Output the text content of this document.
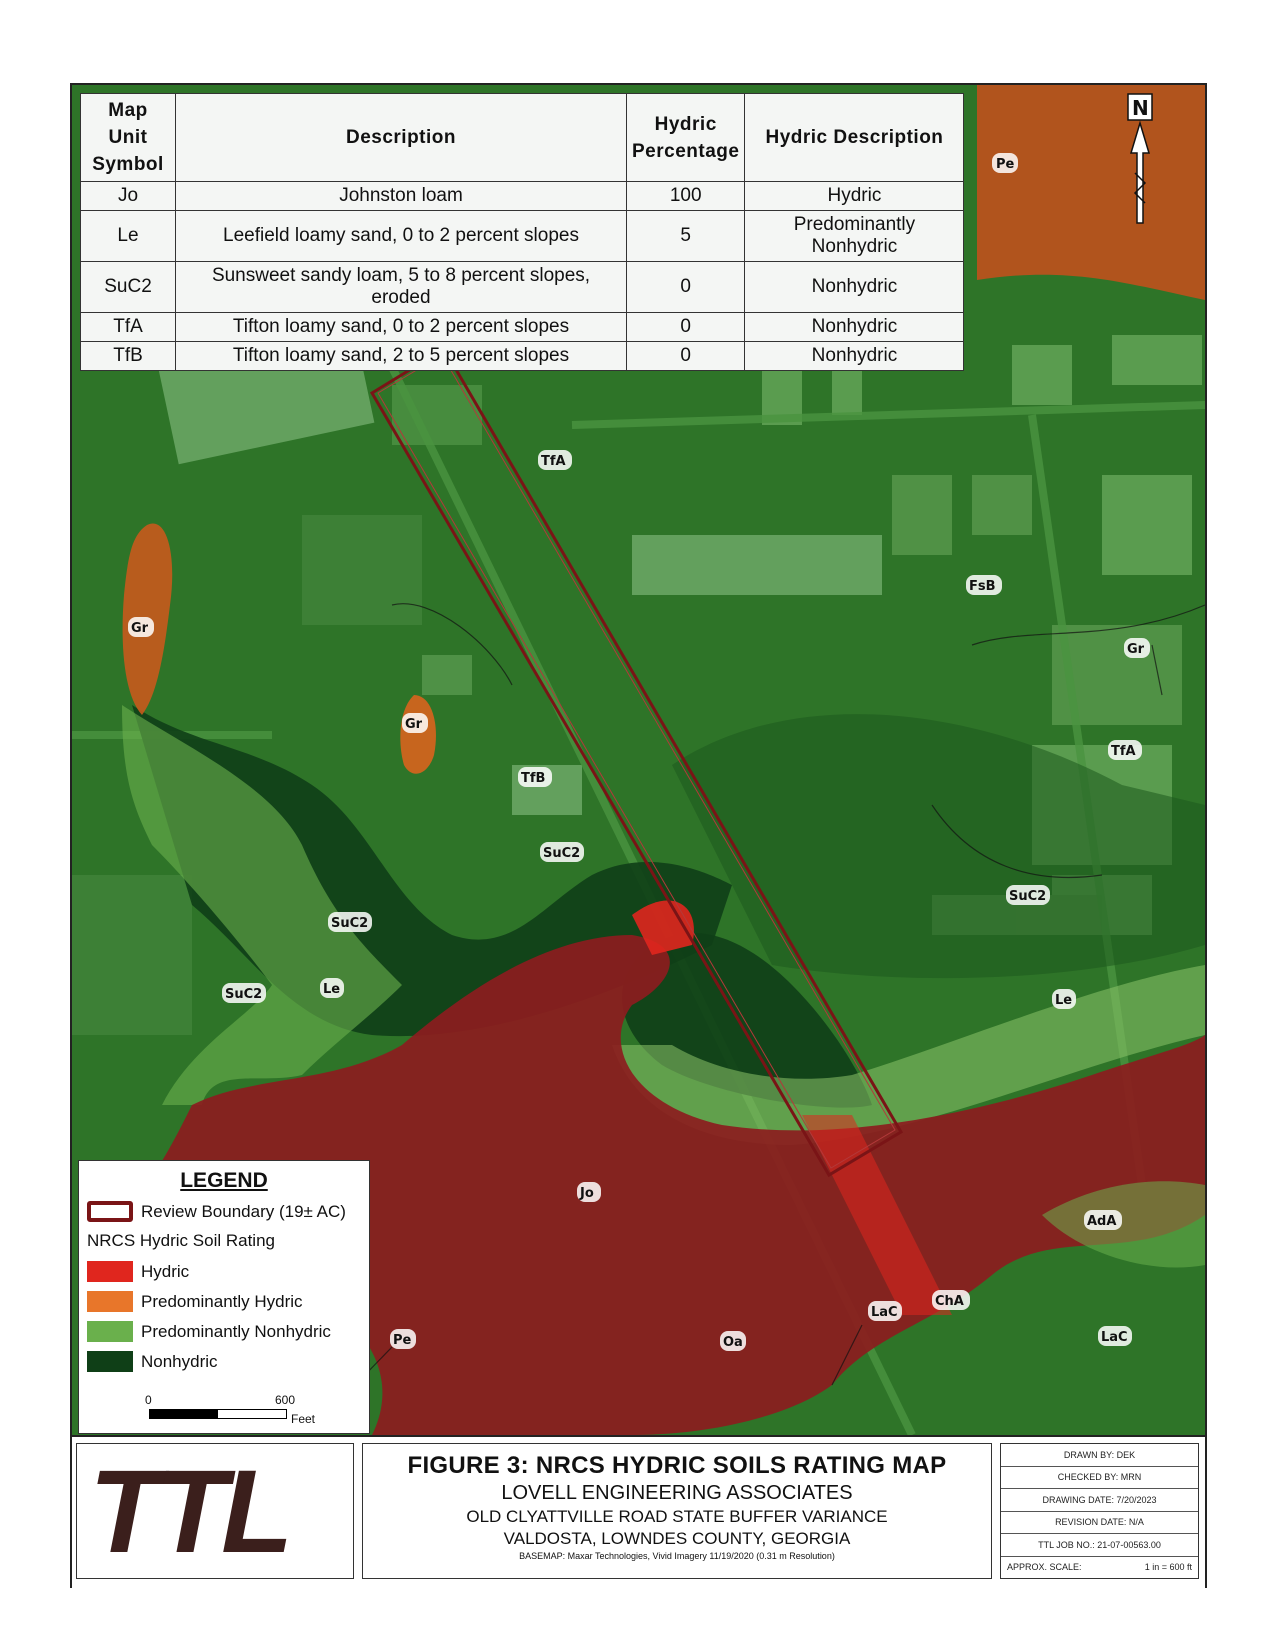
Pe
TfA
FsB
Gr
TfA
Gr
Gr
TfB
SuC2
SuC2
SuC2
SuC2	Le
Le
Jo
AdA
LaC
ChA
LaC
Oa
Pe
Map Unit Symbol	Description	Hydric Percentage	Hydric Description
Jo	Johnston loam	100	Hydric
Le	Leefield loamy sand, 0 to 2 percent slopes	5	Predominantly Nonhydric
SuC2	Sunsweet sandy loam, 5 to 8 percent slopes, eroded	0	Nonhydric
TfA	Tifton loamy sand, 0 to 2 percent slopes	0	Nonhydric
TfB	Tifton loamy sand, 2 to 5 percent slopes	0	Nonhydric
N
LEGEND
Review Boundary (19± AC)
NRCS Hydric Soil Rating
Hydric
Predominantly Hydric
Predominantly Nonhydric
Nonhydric
0	600
Feet
TTL	FIGURE 3: NRCS HYDRIC SOILS RATING MAP
LOVELL ENGINEERING ASSOCIATES
OLD CLYATTVILLE ROAD STATE BUFFER VARIANCE
VALDOSTA, LOWNDES COUNTY, GEORGIA
BASEMAP: Maxar Technologies, Vivid Imagery 11/19/2020 (0.31 m Resolution)
DRAWN BY: DEK
CHECKED BY: MRN
DRAWING DATE: 7/20/2023
REVISION DATE: N/A
TTL JOB NO.: 21-07-00563.00
APPROX. SCALE:	1 in = 600 ft
